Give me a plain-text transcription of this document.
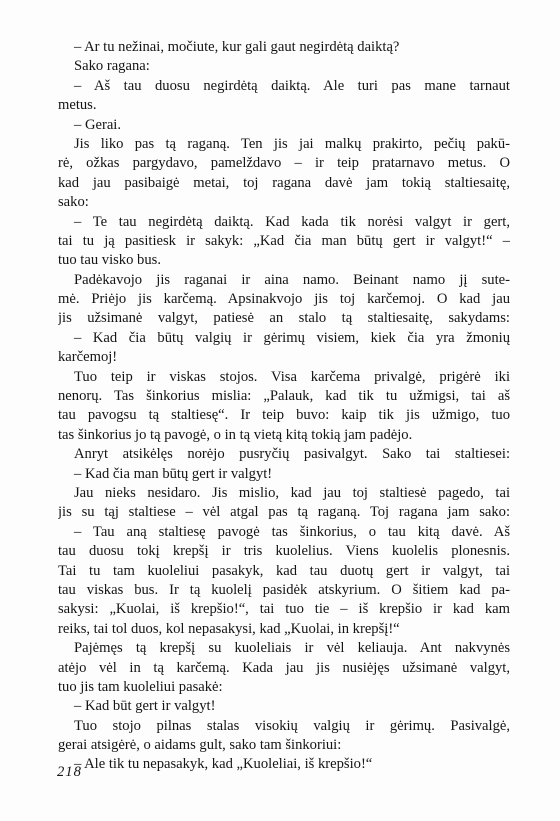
– Ar tu nežinai, močiute, kur gali gaut negirdėtą daiktą?
Sako ragana:
– Aš tau duosu negirdėtą daiktą. Ale turi pas mane tarnaut
metus.
– Gerai.
Jis liko pas tą raganą. Ten jis jai malkų prakirto, pečių pakū-
rė, ožkas pargydavo, pamelždavo – ir teip pratarnavo metus. O
kad jau pasibaigė metai, toj ragana davė jam tokią staltiesaitę,
sako:
– Te tau negirdėtą daiktą. Kad kada tik norėsi valgyt ir gert,
tai tu ją pasitiesk ir sakyk: „Kad čia man būtų gert ir valgyt!“ –
tuo tau visko bus.
Padėkavojo jis raganai ir aina namo. Beinant namo jį sute-
mė. Priėjo jis karčemą. Apsinakvojo jis toj karčemoj. O kad jau
jis užsimanė valgyt, patiesė an stalo tą staltiesaitę, sakydams:
– Kad čia būtų valgių ir gėrimų visiem, kiek čia yra žmonių
karčemoj!
Tuo teip ir viskas stojos. Visa karčema privalgė, prigėrė iki
nenorų. Tas šinkorius mislia: „Palauk, kad tik tu užmigsi, tai aš
tau pavogsu tą staltiesę“. Ir teip buvo: kaip tik jis užmigo, tuo
tas šinkorius jo tą pavogė, o in tą vietą kitą tokią jam padėjo.
Anryt atsikėlęs norėjo pusryčių pasivalgyt. Sako tai staltiesei:
– Kad čia man būtų gert ir valgyt!
Jau nieks nesidaro. Jis mislio, kad jau toj staltiesė pagedo, tai
jis su tąj staltiese – vėl atgal pas tą raganą. Toj ragana jam sako:
– Tau aną staltiesę pavogė tas šinkorius, o tau kitą davė. Aš
tau duosu tokį krepšį ir tris kuolelius. Viens kuolelis plonesnis.
Tai tu tam kuoleliui pasakyk, kad tau duotų gert ir valgyt, tai
tau viskas bus. Ir tą kuolelį pasidėk atskyrium. O šitiem kad pa-
sakysi: „Kuolai, iš krepšio!“, tai tuo tie – iš krepšio ir kad kam
reiks, tai tol duos, kol nepasakysi, kad „Kuolai, in krepšį!“
Pajėmęs tą krepšį su kuoleliais ir vėl keliauja. Ant nakvynės
atėjo vėl in tą karčemą. Kada jau jis nusiėjęs užsimanė valgyt,
tuo jis tam kuoleliui pasakė:
– Kad būt gert ir valgyt!
Tuo stojo pilnas stalas visokių valgių ir gėrimų. Pasivalgė,
gerai atsigėrė, o aidams gult, sako tam šinkoriui:
– Ale tik tu nepasakyk, kad „Kuoleliai, iš krepšio!“
218
